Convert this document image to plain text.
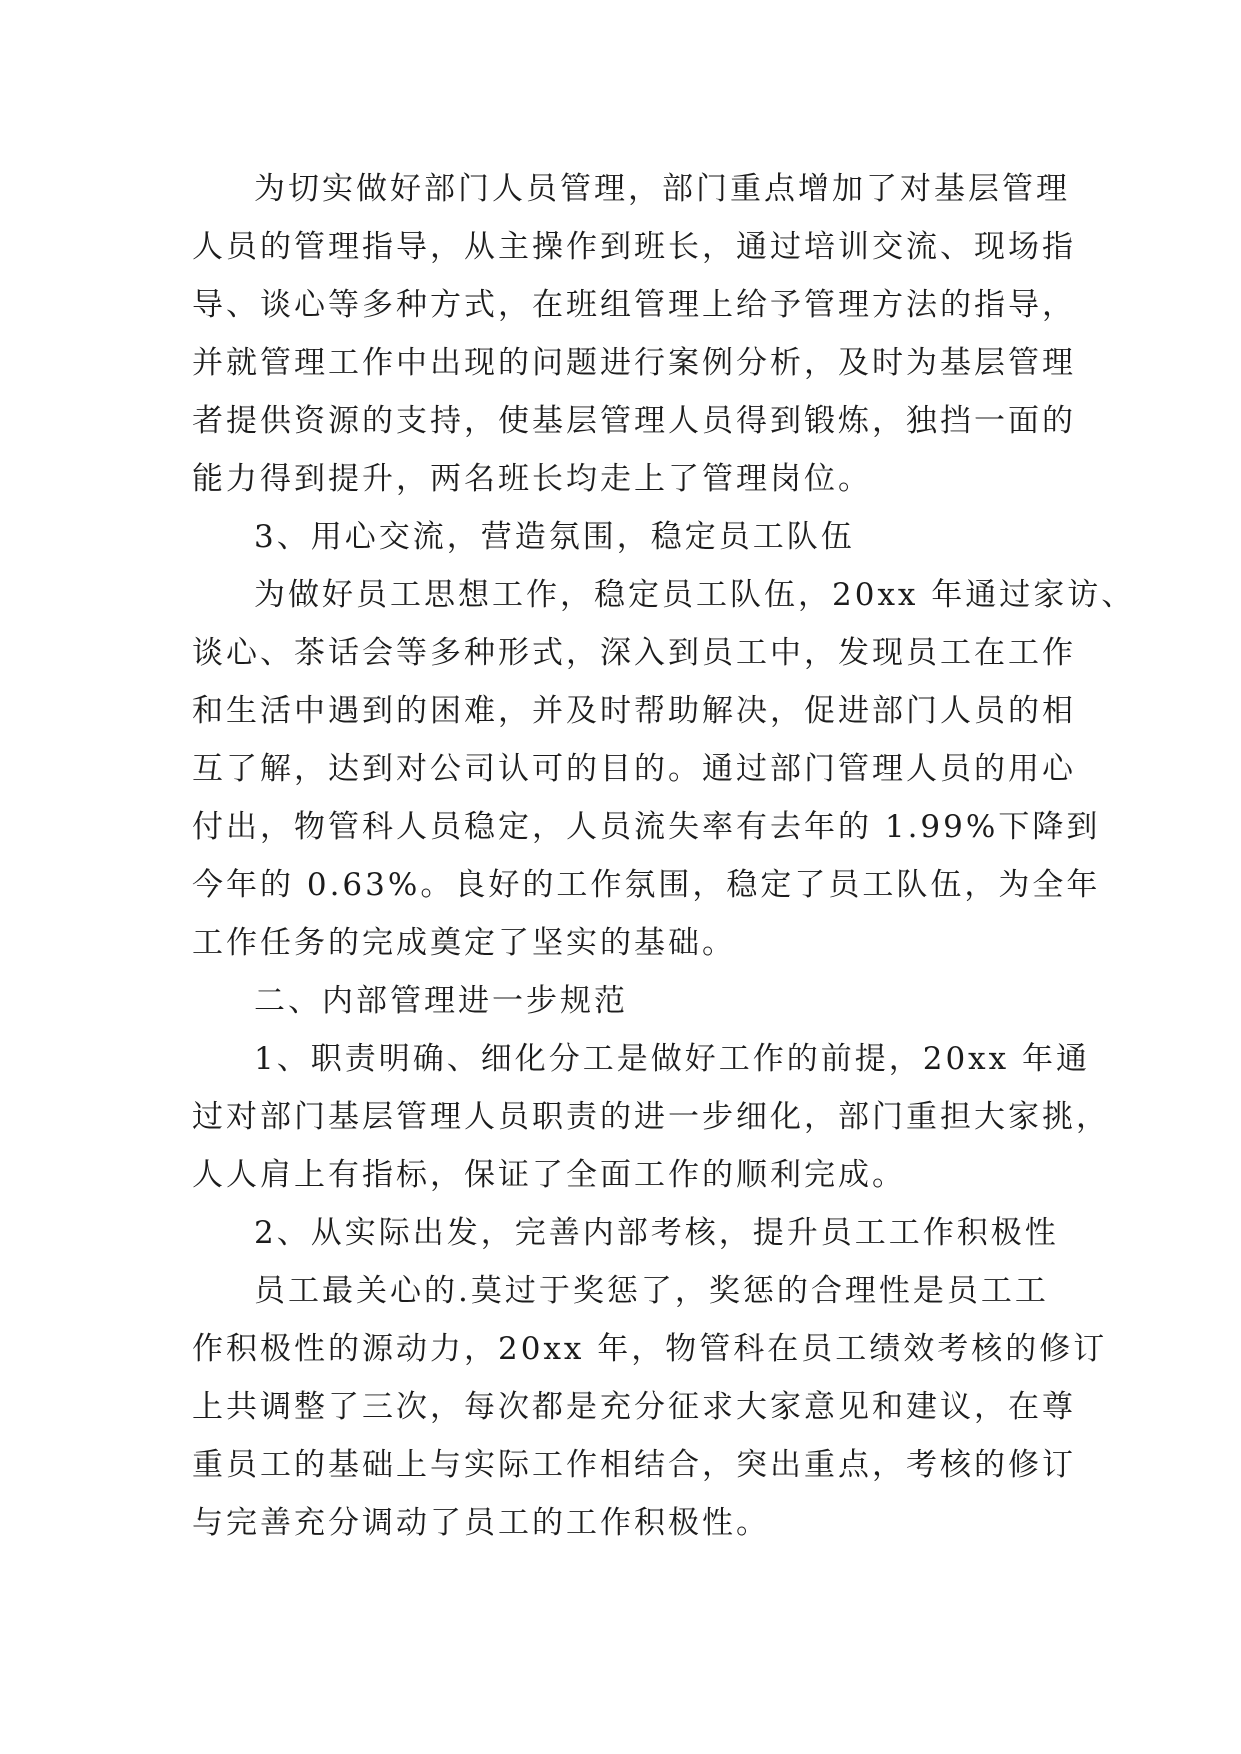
为切实做好部门人员管理，部门重点增加了对基层管理
人员的管理指导，从主操作到班长，通过培训交流、现场指
导、谈心等多种方式，在班组管理上给予管理方法的指导，
并就管理工作中出现的问题进行案例分析，及时为基层管理
者提供资源的支持，使基层管理人员得到锻炼，独挡一面的
能力得到提升，两名班长均走上了管理岗位。
3、用心交流，营造氛围，稳定员工队伍
为做好员工思想工作，稳定员工队伍，20xx 年通过家访、
谈心、茶话会等多种形式，深入到员工中，发现员工在工作
和生活中遇到的困难，并及时帮助解决，促进部门人员的相
互了解，达到对公司认可的目的。通过部门管理人员的用心
付出，物管科人员稳定，人员流失率有去年的 1.99%下降到
今年的 0.63%。良好的工作氛围，稳定了员工队伍，为全年
工作任务的完成奠定了坚实的基础。
二、内部管理进一步规范
1、职责明确、细化分工是做好工作的前提，20xx 年通
过对部门基层管理人员职责的进一步细化，部门重担大家挑，
人人肩上有指标，保证了全面工作的顺利完成。
2、从实际出发，完善内部考核，提升员工工作积极性
员工最关心的.莫过于奖惩了，奖惩的合理性是员工工
作积极性的源动力，20xx 年，物管科在员工绩效考核的修订
上共调整了三次，每次都是充分征求大家意见和建议，在尊
重员工的基础上与实际工作相结合，突出重点，考核的修订
与完善充分调动了员工的工作积极性。
